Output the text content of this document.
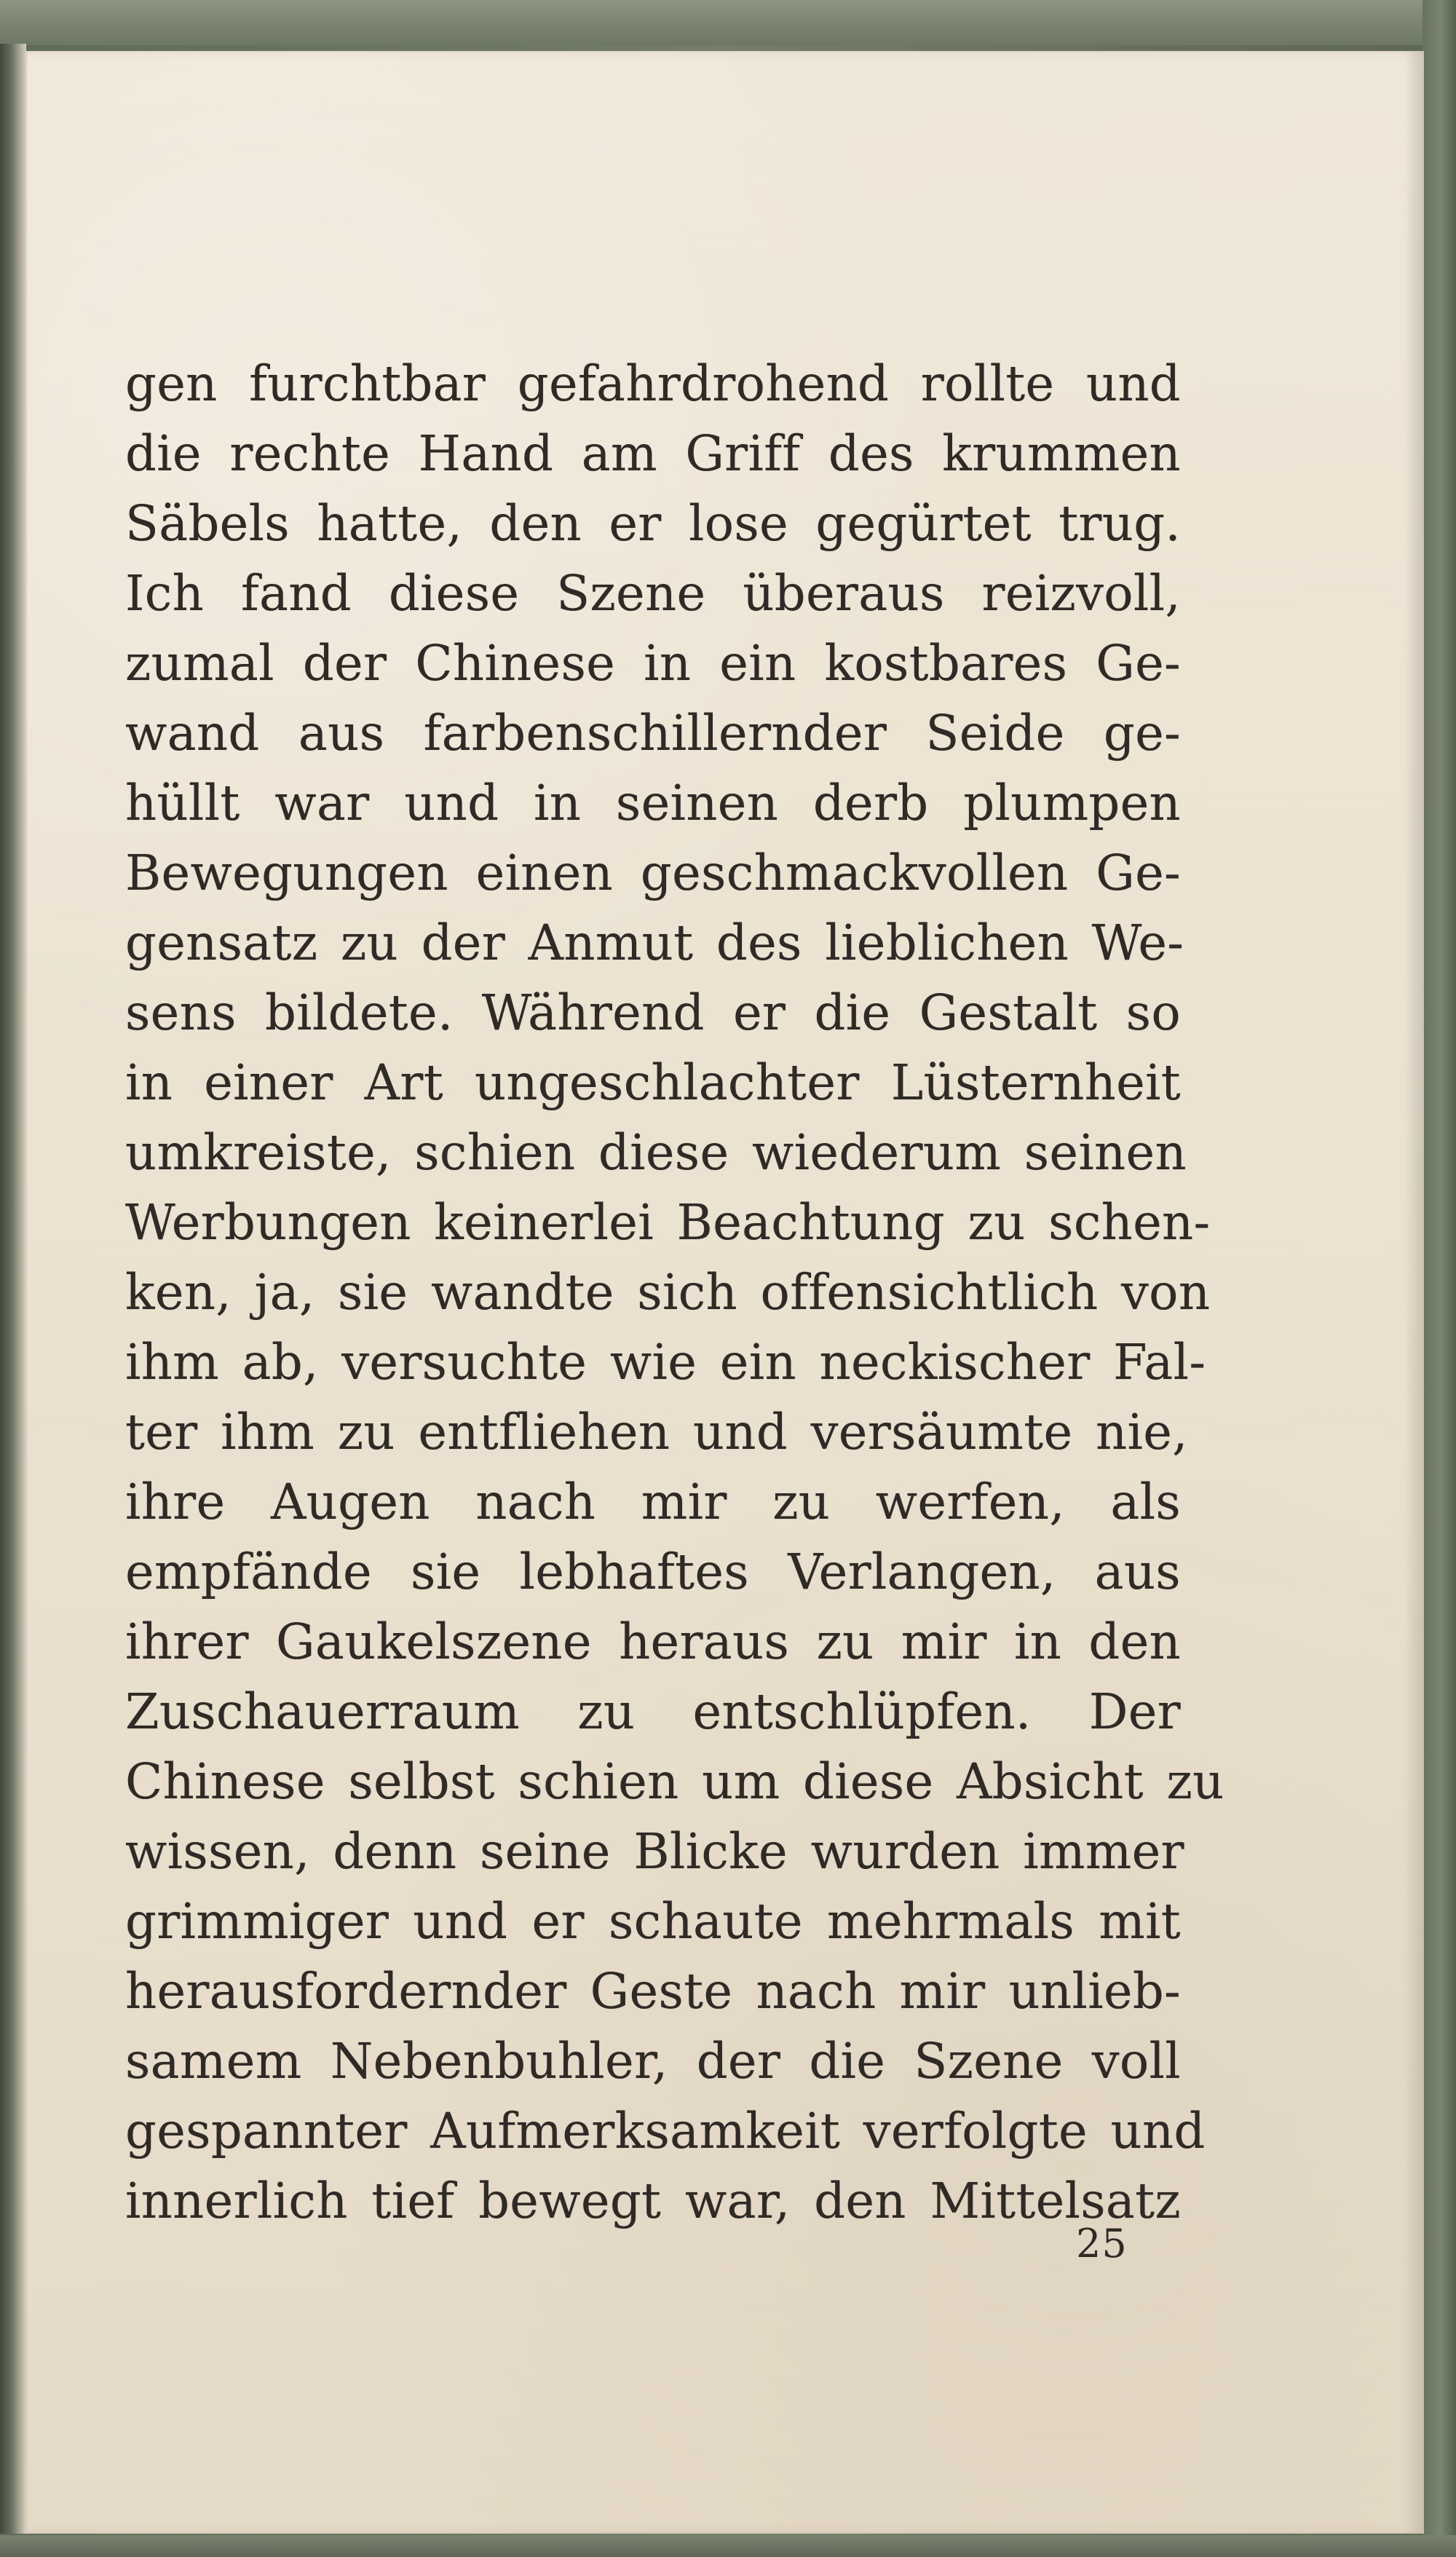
gen furchtbar gefahrdrohend rollte und
die rechte Hand am Griff des krummen
Säbels hatte, den er lose gegürtet trug.
Ich fand diese Szene überaus reizvoll,
zumal der Chinese in ein kostbares Ge-
wand aus farbenschillernder Seide ge-
hüllt war und in seinen derb plumpen
Bewegungen einen geschmackvollen Ge-
gensatz zu der Anmut des lieblichen We-
sens bildete. Während er die Gestalt so
in einer Art ungeschlachter Lüsternheit
umkreiste, schien diese wiederum seinen
Werbungen keinerlei Beachtung zu schen-
ken, ja, sie wandte sich offensichtlich von
ihm ab, versuchte wie ein neckischer Fal-
ter ihm zu entfliehen und versäumte nie,
ihre Augen nach mir zu werfen, als
empfände sie lebhaftes Verlangen, aus
ihrer Gaukelszene heraus zu mir in den
Zuschauerraum zu entschlüpfen. Der
Chinese selbst schien um diese Absicht zu
wissen, denn seine Blicke wurden immer
grimmiger und er schaute mehrmals mit
herausfordernder Geste nach mir unlieb-
samem Nebenbuhler, der die Szene voll
gespannter Aufmerksamkeit verfolgte und
innerlich tief bewegt war, den Mittelsatz
25
